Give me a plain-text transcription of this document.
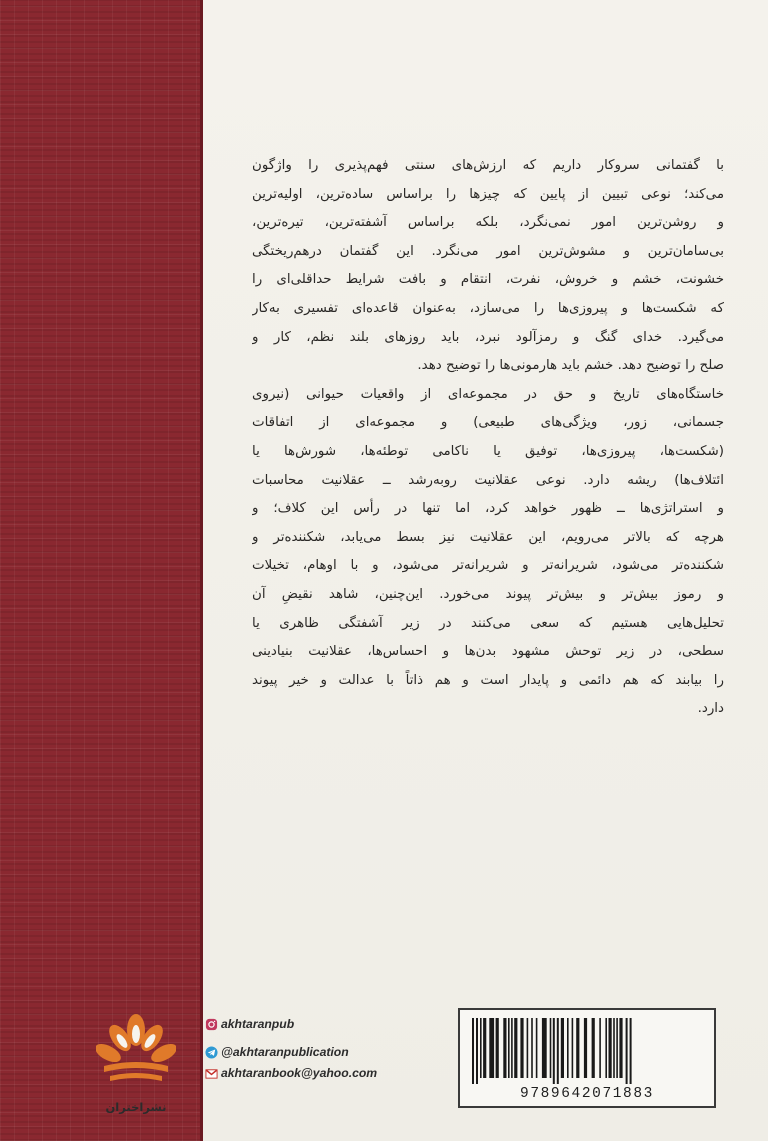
با گفتمانی سروکار داریم که ارزش‌های سنتی فهم‌پذیری را واژگون
می‌کند؛ نوعی تبیین از پایین که چیزها را براساس ساده‌ترین، اولیه‌ترین
و روشن‌ترین امور نمی‌نگرد، بلکه براساس آشفته‌ترین، تیره‌ترین،
بی‌سامان‌ترین و مشوش‌ترین امور می‌نگرد. این گفتمان درهم‌ریختگی
خشونت، خشم و خروش، نفرت، انتقام و بافت شرایط حداقلی‌ای را
که شکست‌ها و پیروزی‌ها را می‌سازد، به‌عنوان قاعده‌ای تفسیری به‌کار
می‌گیرد. خدای گنگ و رمزآلود نبرد، باید روزهای بلند نظم، کار و
صلح را توضیح دهد. خشم باید هارمونی‌ها را توضیح دهد.
خاستگاه‌های تاریخ و حق در مجموعه‌ای از واقعیات حیوانی (نیروی
جسمانی، زور، ویژگی‌های طبیعی) و مجموعه‌ای از اتفاقات
(شکست‌ها، پیروزی‌ها، توفیق یا ناکامی توطئه‌ها، شورش‌ها یا
ائتلاف‌ها) ریشه دارد. نوعی عقلانیت روبه‌رشد ــ عقلانیت محاسبات
و استراتژی‌ها ــ ظهور خواهد کرد، اما تنها در رأس این کلاف؛ و
هرچه که بالاتر می‌رویم، این عقلانیت نیز بسط می‌یابد، شکننده‌تر و
شکننده‌تر می‌شود، شریرانه‌تر و شریرانه‌تر می‌شود، و با اوهام، تخیلات
و رموز بیش‌تر و بیش‌تر پیوند می‌خورد. این‌چنین، شاهد نقیضِ آن
تحلیل‌هایی هستیم که سعی می‌کنند در زیر آشفتگی ظاهری یا
سطحی، در زیر توحش مشهود بدن‌ها و احساس‌ها، عقلانیت بنیادینی
را بیابند که هم دائمی و پایدار است و هم ذاتاً با عدالت و خیر پیوند
دارد.
نشراختران
akhtaranpub
@akhtaranpublication
akhtaranbook@yahoo.com
9789642071883
